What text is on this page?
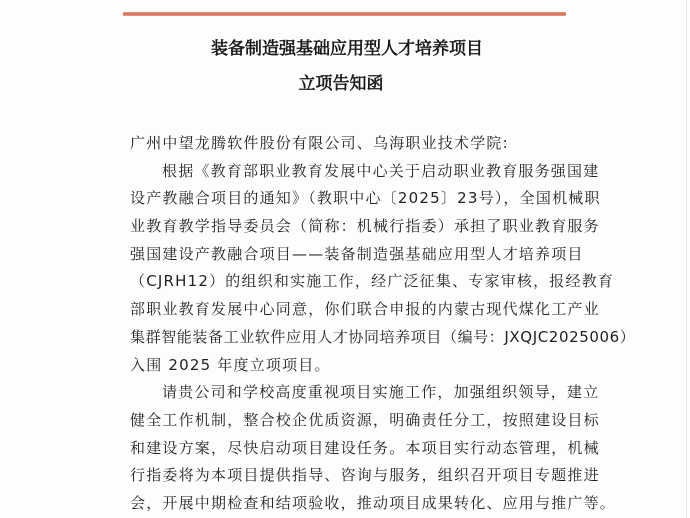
装备制造强基础应用型人才培养项目
立项告知函
广州中望龙腾软件股份有限公司、乌海职业技术学院:
根据《教育部职业教育发展中心关于启动职业教育服务强国建
设产教融合项目的通知》（教职中心〔2025〕23号），全国机械职
业教育教学指导委员会（简称：机械行指委）承担了职业教育服务
强国建设产教融合项目——装备制造强基础应用型人才培养项目
（CJRH12）的组织和实施工作，经广泛征集、专家审核，报经教育
部职业教育发展中心同意，你们联合申报的内蒙古现代煤化工产业
集群智能装备工业软件应用人才协同培养项目（编号：JXQJC2025006）
入围 2025 年度立项项目。
请贵公司和学校高度重视项目实施工作，加强组织领导，建立
健全工作机制，整合校企优质资源，明确责任分工，按照建设目标
和建设方案，尽快启动项目建设任务。本项目实行动态管理，机械
行指委将为本项目提供指导、咨询与服务，组织召开项目专题推进
会，开展中期检查和结项验收，推动项目成果转化、应用与推广等。
